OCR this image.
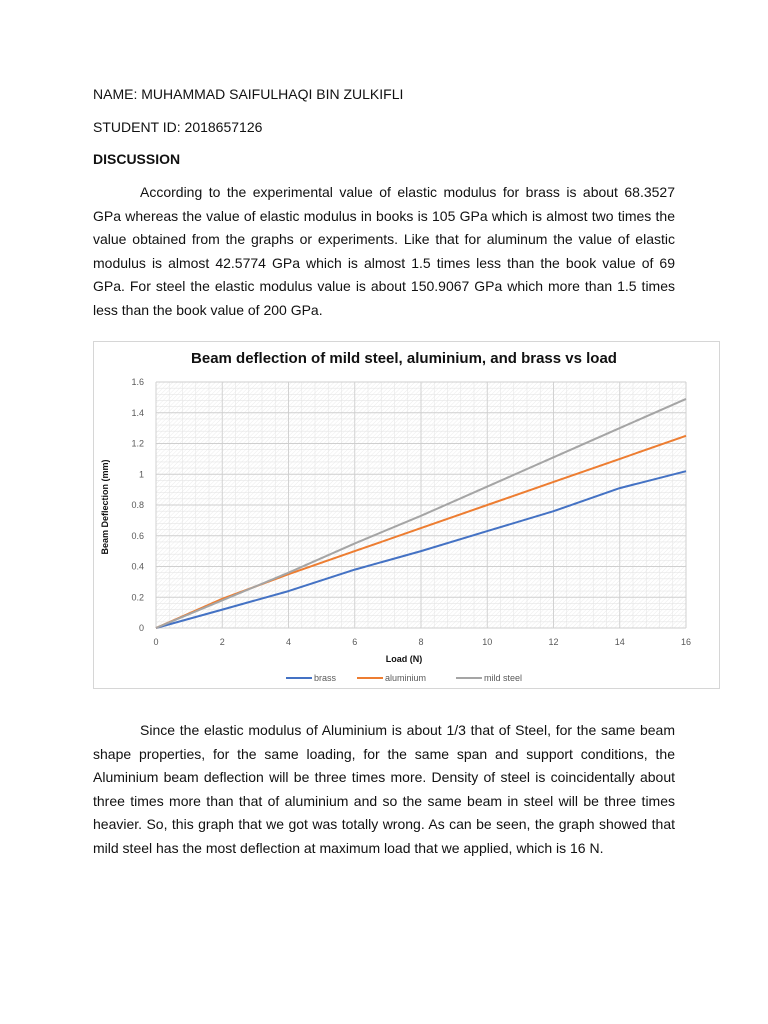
NAME: MUHAMMAD SAIFULHAQI BIN ZULKIFLI
STUDENT ID: 2018657126
DISCUSSION

According to the experimental value of elastic modulus for brass is about 68.3527 GPa whereas the value of elastic modulus in books is 105 GPa which is almost two times the value obtained from the graphs or experiments. Like that for aluminum the value of elastic modulus is almost 42.5774 GPa which is almost 1.5 times less than the book value of 69 GPa. For steel the elastic modulus value is about 150.9067 GPa which more than 1.5 times less than the book value of 200 GPa.

Beam deflection of mild steel, aluminium, and brass vs load
0
0.2
0.4
0.6
0.8
1
1.2
1.4
1.6
0	2	4	6	8	10	12	14	16
Load (N)
Beam Deflection (mm)
brass	aluminium	mild steel

Since the elastic modulus of Aluminium is about 1/3 that of Steel, for the same beam shape properties, for the same loading, for the same span and support conditions, the Aluminium beam deflection will be three times more. Density of steel is coincidentally about three times more than that of aluminium and so the same beam in steel will be three times heavier. So, this graph that we got was totally wrong. As can be seen, the graph showed that mild steel has the most deflection at maximum load that we applied, which is 16 N.
